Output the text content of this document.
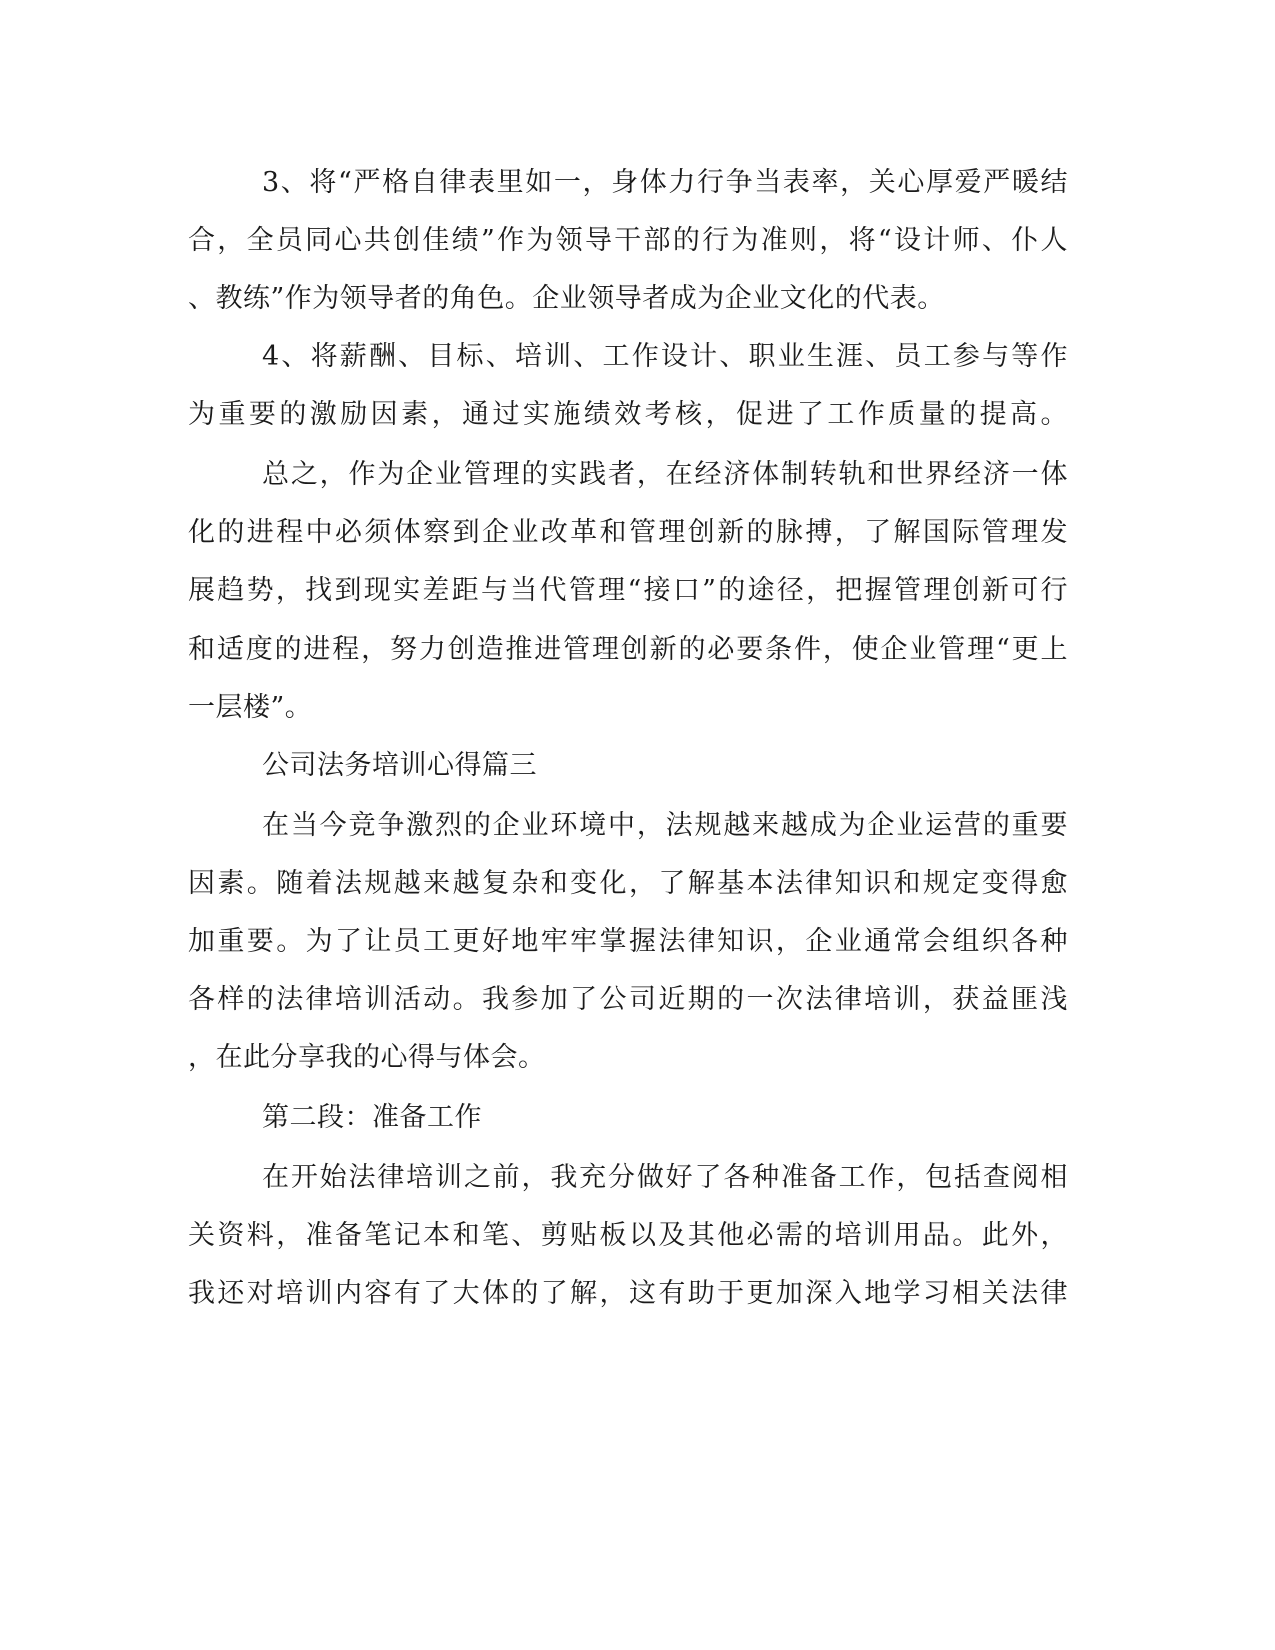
3、将“严格自律表里如一，身体力行争当表率，关心厚爱严暖结
合，全员同心共创佳绩”作为领导干部的行为准则，将“设计师、仆人
、教练”作为领导者的角色。企业领导者成为企业文化的代表。
4、将薪酬、目标、培训、工作设计、职业生涯、员工参与等作
为重要的激励因素，通过实施绩效考核，促进了工作质量的提高。
总之，作为企业管理的实践者，在经济体制转轨和世界经济一体
化的进程中必须体察到企业改革和管理创新的脉搏，了解国际管理发
展趋势，找到现实差距与当代管理“接口”的途径，把握管理创新可行
和适度的进程，努力创造推进管理创新的必要条件，使企业管理“更上
一层楼”。
公司法务培训心得篇三
在当今竞争激烈的企业环境中，法规越来越成为企业运营的重要
因素。随着法规越来越复杂和变化，了解基本法律知识和规定变得愈
加重要。为了让员工更好地牢牢掌握法律知识，企业通常会组织各种
各样的法律培训活动。我参加了公司近期的一次法律培训，获益匪浅
，在此分享我的心得与体会。
第二段：准备工作
在开始法律培训之前，我充分做好了各种准备工作，包括查阅相
关资料，准备笔记本和笔、剪贴板以及其他必需的培训用品。此外，
我还对培训内容有了大体的了解，这有助于更加深入地学习相关法律
